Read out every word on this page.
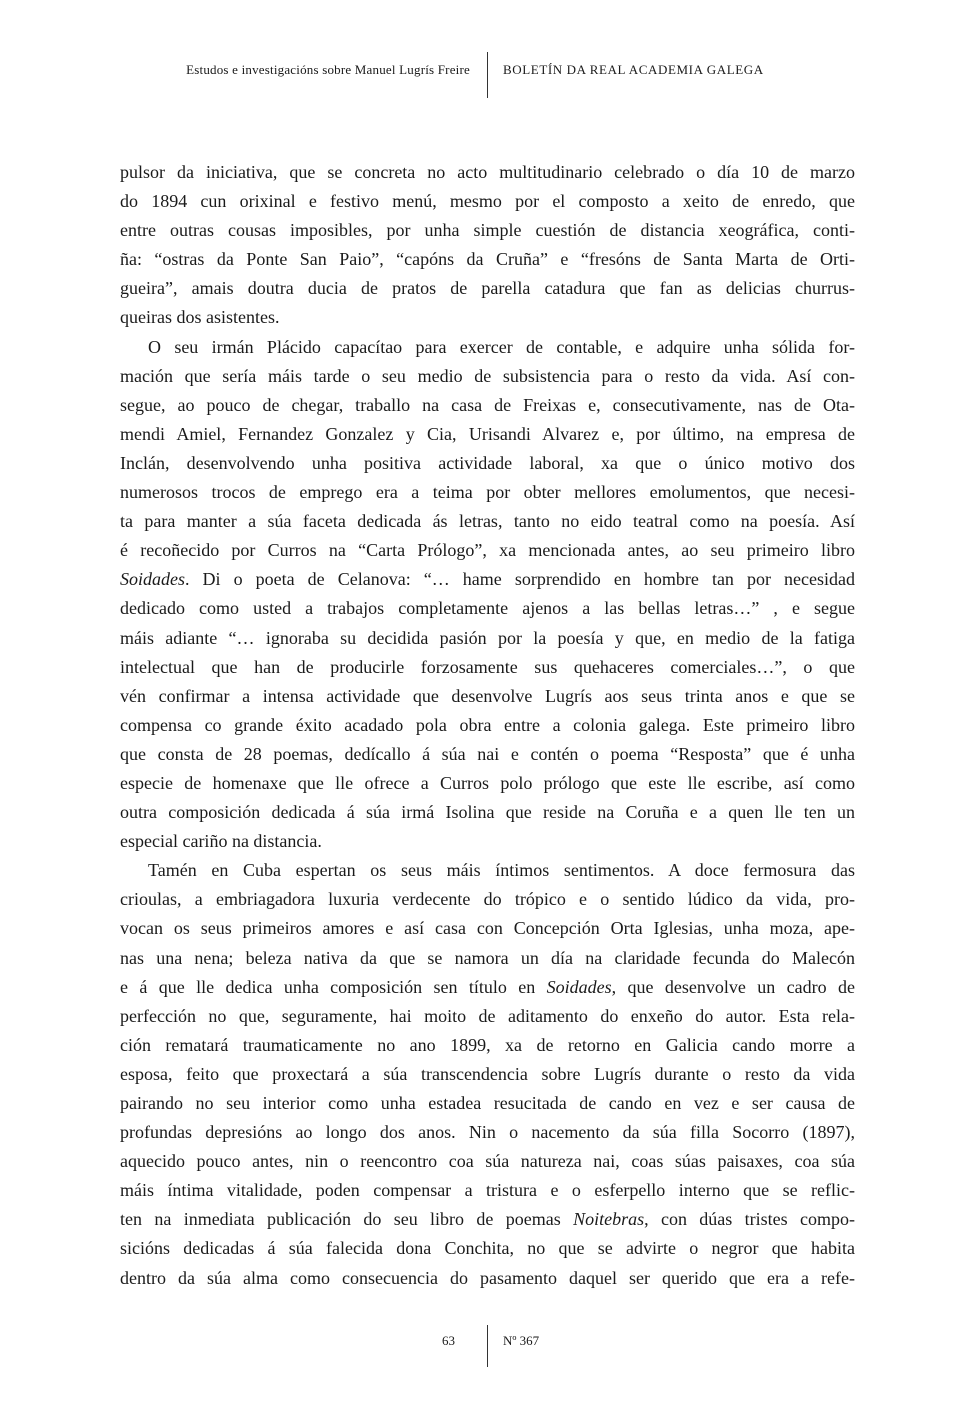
Estudos e investigacións sobre Manuel Lugrís Freire	BOLETÍN DA REAL ACADEMIA GALEGA
pulsor da iniciativa, que se concreta no acto multitudinario celebrado o día 10 de marzo
do 1894 cun orixinal e festivo menú, mesmo por el composto a xeito de enredo, que
entre outras cousas imposibles, por unha simple cuestión de distancia xeográfica, conti-
ña: “ostras da Ponte San Paio”, “capóns da Cruña” e “fresóns de Santa Marta de Orti-
gueira”, amais doutra ducia de pratos de parella catadura que fan as delicias churrus-
queiras dos asistentes.
O seu irmán Plácido capacítao para exercer de contable, e adquire unha sólida for-
mación que sería máis tarde o seu medio de subsistencia para o resto da vida. Así con-
segue, ao pouco de chegar, traballo na casa de Freixas e, consecutivamente, nas de Ota-
mendi Amiel, Fernandez Gonzalez y Cia, Urisandi Alvarez e, por último, na empresa de
Inclán, desenvolvendo unha positiva actividade laboral, xa que o único motivo dos
numerosos trocos de emprego era a teima por obter mellores emolumentos, que necesi-
ta para manter a súa faceta dedicada ás letras, tanto no eido teatral como na poesía. Así
é recoñecido por Curros na “Carta Prólogo”, xa mencionada antes, ao seu primeiro libro
Soidades. Di o poeta de Celanova: “… hame sorprendido en hombre tan por necesidad
dedicado como usted a trabajos completamente ajenos a las bellas letras…” , e segue
máis adiante “… ignoraba su decidida pasión por la poesía y que, en medio de la fatiga
intelectual que han de producirle forzosamente sus quehaceres comerciales…”, o que
vén confirmar a intensa actividade que desenvolve Lugrís aos seus trinta anos e que se
compensa co grande éxito acadado pola obra entre a colonia galega. Este primeiro libro
que consta de 28 poemas, dedícallo á súa nai e contén o poema “Resposta” que é unha
especie de homenaxe que lle ofrece a Curros polo prólogo que este lle escribe, así como
outra composición dedicada á súa irmá Isolina que reside na Coruña e a quen lle ten un
especial cariño na distancia.
Tamén en Cuba espertan os seus máis íntimos sentimentos. A doce fermosura das
crioulas, a embriagadora luxuria verdecente do trópico e o sentido lúdico da vida, pro-
vocan os seus primeiros amores e así casa con Concepción Orta Iglesias, unha moza, ape-
nas una nena; beleza nativa da que se namora un día na claridade fecunda do Malecón
e á que lle dedica unha composición sen título en Soidades, que desenvolve un cadro de
perfección no que, seguramente, hai moito de aditamento do enxeño do autor. Esta rela-
ción rematará traumaticamente no ano 1899, xa de retorno en Galicia cando morre a
esposa, feito que proxectará a súa transcendencia sobre Lugrís durante o resto da vida
pairando no seu interior como unha estadea resucitada de cando en vez e ser causa de
profundas depresións ao longo dos anos. Nin o nacemento da súa filla Socorro (1897),
aquecido pouco antes, nin o reencontro coa súa natureza nai, coas súas paisaxes, coa súa
máis íntima vitalidade, poden compensar a tristura e o esferpello interno que se reflic-
ten na inmediata publicación do seu libro de poemas Noitebras, con dúas tristes compo-
sicións dedicadas á súa falecida dona Conchita, no que se advirte o negror que habita
dentro da súa alma como consecuencia do pasamento daquel ser querido que era a refe-
63	Nº 367
